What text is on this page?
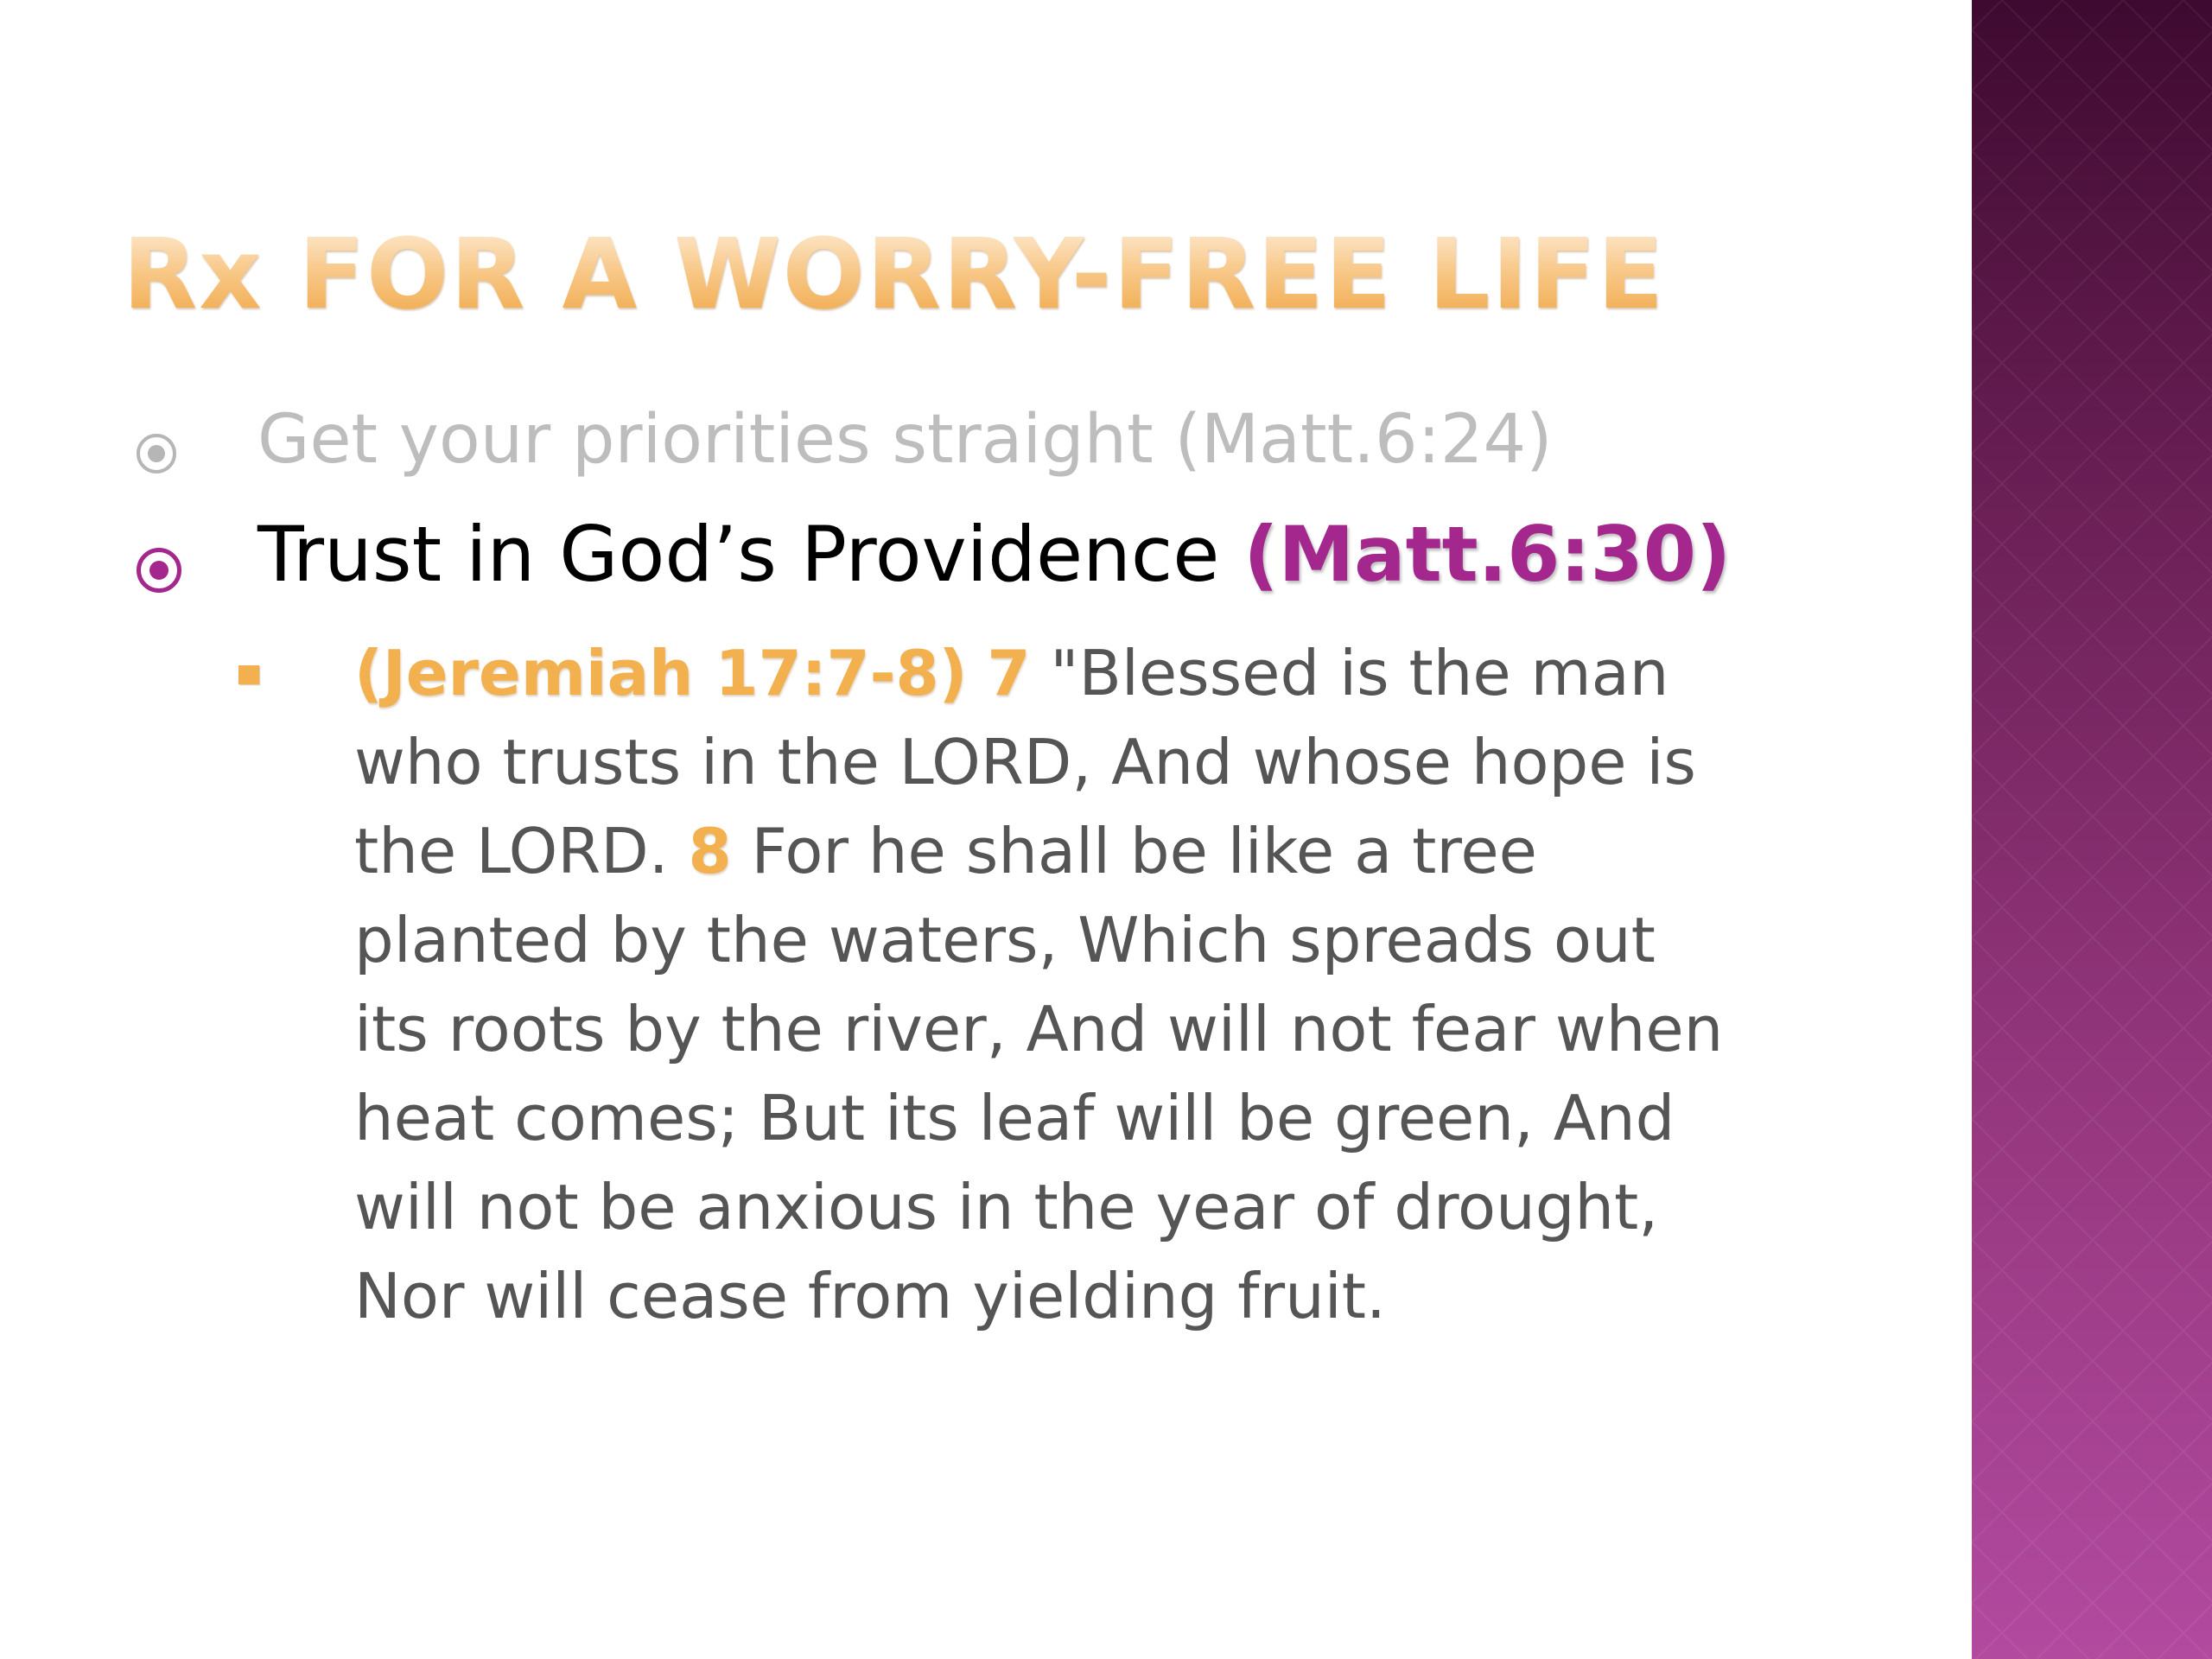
Rx FOR A WORRY-FREE LIFE
Get your priorities straight (Matt.6:24)
Trust in God’s Providence (Matt.6:30)

(Jeremiah 17:7-8) 7 "Blessed is the man
who trusts in the LORD, And whose hope is
the LORD. 8 For he shall be like a tree
planted by the waters, Which spreads out
its roots by the river, And will not fear when
heat comes; But its leaf will be green, And
will not be anxious in the year of drought,
Nor will cease from yielding fruit.
